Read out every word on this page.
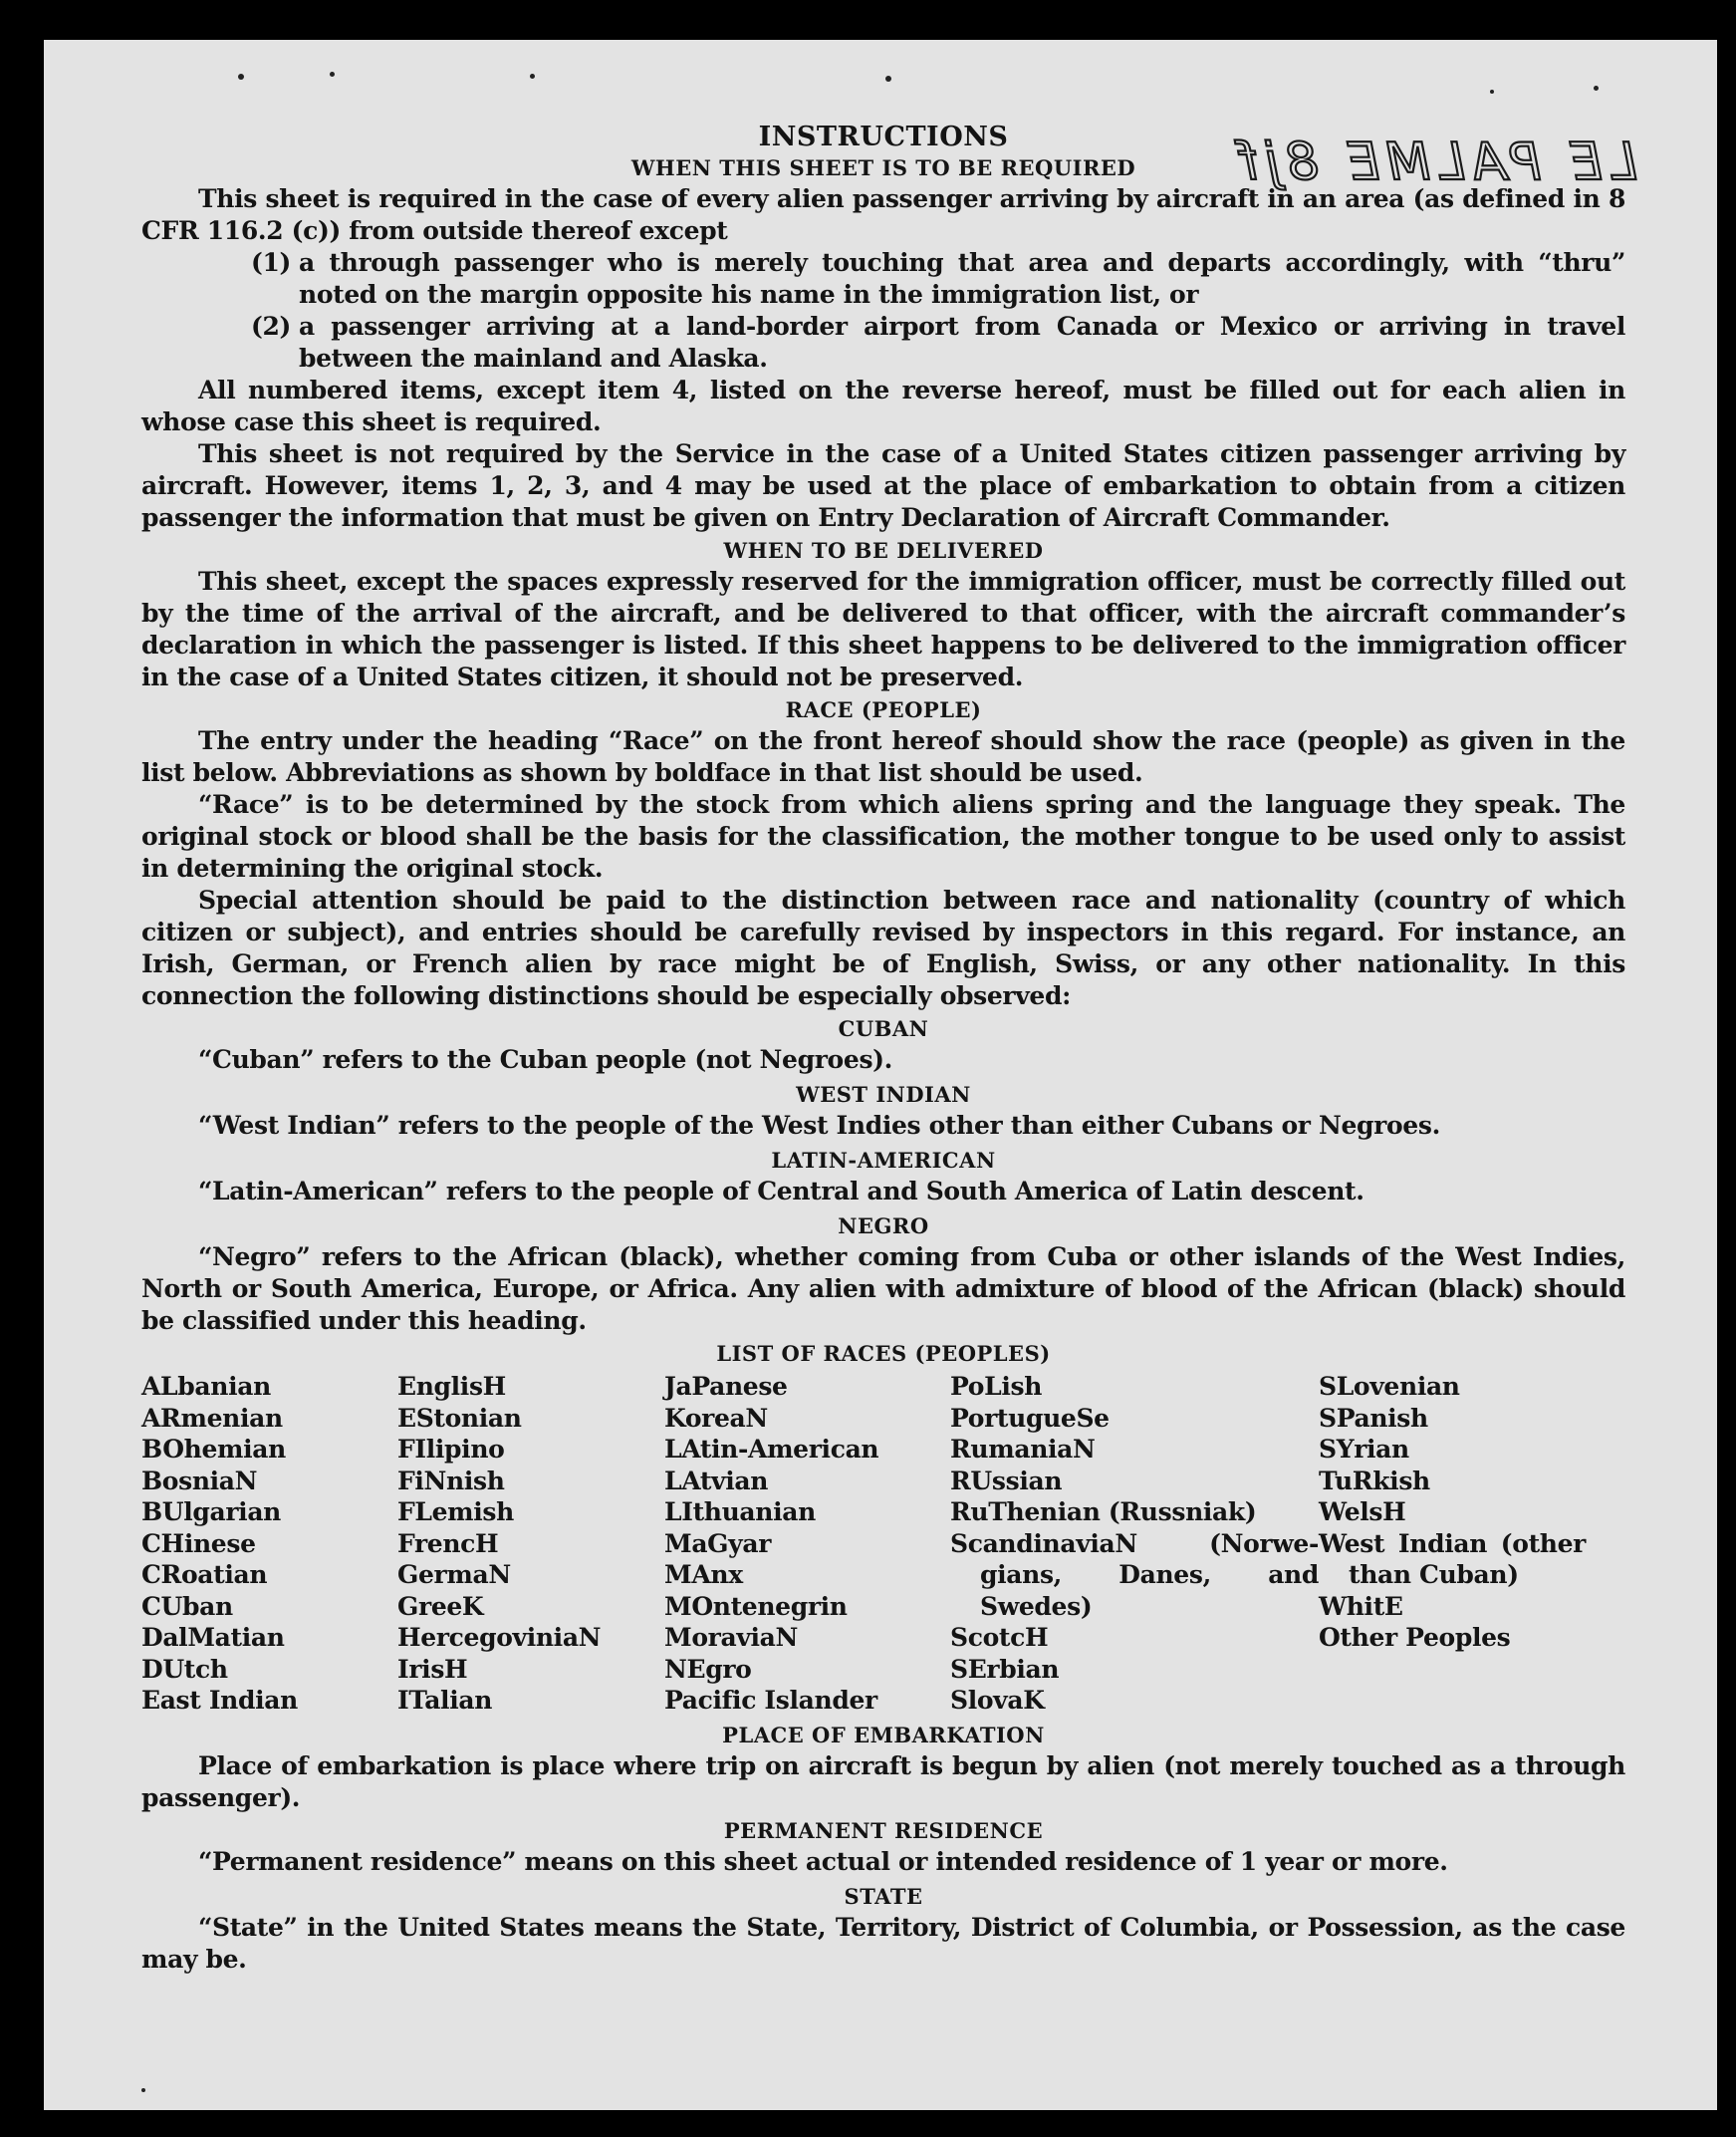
LE PALME 8jf
INSTRUCTIONS
WHEN THIS SHEET IS TO BE REQUIRED

This sheet is required in the case of every alien passenger arriving by aircraft in an area (as defined in 8 CFR 116.2 (c)) from outside thereof except

(1) a through passenger who is merely touching that area and departs accordingly, with “thru” noted on the margin opposite his name in the immigration list, or
(2) a passenger arriving at a land-border airport from Canada or Mexico or arriving in travel between the mainland and Alaska.

All numbered items, except item 4, listed on the reverse hereof, must be filled out for each alien in whose case this sheet is required.

This sheet is not required by the Service in the case of a United States citizen passenger arriving by aircraft. However, items 1, 2, 3, and 4 may be used at the place of embarkation to obtain from a citizen passenger the information that must be given on Entry Declaration of Aircraft Commander.

WHEN TO BE DELIVERED

This sheet, except the spaces expressly reserved for the immigration officer, must be correctly filled out by the time of the arrival of the aircraft, and be delivered to that officer, with the aircraft commander’s declaration in which the passenger is listed. If this sheet happens to be delivered to the immigration officer in the case of a United States citizen, it should not be preserved.

RACE (PEOPLE)

The entry under the heading “Race” on the front hereof should show the race (people) as given in the list below. Abbreviations as shown by boldface in that list should be used.

“Race” is to be determined by the stock from which aliens spring and the language they speak. The original stock or blood shall be the basis for the classification, the mother tongue to be used only to assist in determining the original stock.

Special attention should be paid to the distinction between race and nationality (country of which citizen or subject), and entries should be carefully revised by inspectors in this regard. For instance, an Irish, German, or French alien by race might be of English, Swiss, or any other nationality. In this connection the following distinctions should be especially observed:

CUBAN

“Cuban” refers to the Cuban people (not Negroes).

WEST INDIAN

“West Indian” refers to the people of the West Indies other than either Cubans or Negroes.

LATIN-AMERICAN

“Latin-American” refers to the people of Central and South America of Latin descent.

NEGRO

“Negro” refers to the African (black), whether coming from Cuba or other islands of the West Indies, North or South America, Europe, or Africa. Any alien with admixture of blood of the African (black) should be classified under this heading.

LIST OF RACES (PEOPLES)
ALbanian
ARmenian
BOhemian
BosniaN
BUlgarian
CHinese
CRoatian
CUban
DalMatian
DUtch
East Indian
EnglisH
EStonian
FIlipino
FiNnish
FLemish
FrencH
GermaN
GreeK
HercegoviniaN
IrisH
ITalian
JaPanese
KoreaN
LAtin-American
LAtvian
LIthuanian
MaGyar
MAnx
MOntenegrin
MoraviaN
NEgro
Pacific Islander
PoLish
PortugueSe
RumaniaN
RUssian
RuThenian (Russniak)
ScandinaviaN (Norwe-
gians, Danes, and
Swedes)
ScotcH
SErbian
SlovaK
SLovenian
SPanish
SYrian
TuRkish
WelsH
West Indian (other
than Cuban)
WhitE
Other Peoples
PLACE OF EMBARKATION

Place of embarkation is place where trip on aircraft is begun by alien (not merely touched as a through passenger).

PERMANENT RESIDENCE

“Permanent residence” means on this sheet actual or intended residence of 1 year or more.

STATE

“State” in the United States means the State, Territory, District of Columbia, or Possession, as the case may be.
